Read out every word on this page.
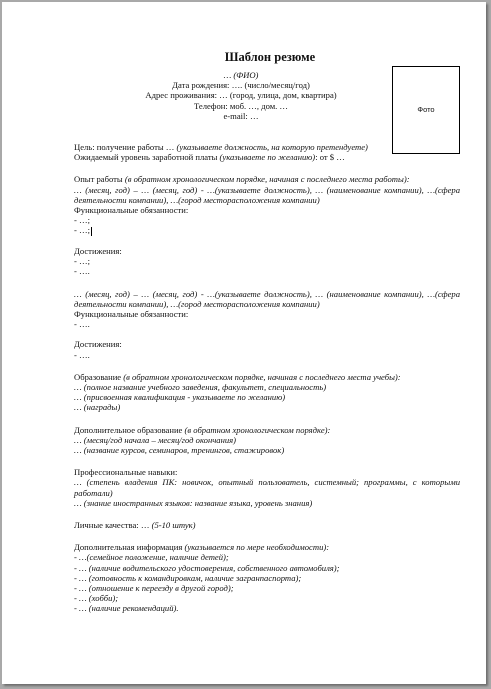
Шаблон резюме

… (ФИО)

Дата рождения: …. (число/месяц/год)

Адрес проживания: … (город, улица, дом, квартира)

Телефон: моб. …, дом. …

e-mail: …

Фото

Цель: получение работы … (указываете должность, на которую претендуете)

Ожидаемый уровень заработной платы (указываете по желанию): от $ …

Опыт работы (в обратном хронологическом порядке, начиная с последнего места работы):

… (месяц, год) – … (месяц, год) - …(указываете должность), … (наименование компании), …(сфера деятельности компании), …(город месторасположения компании)

Функциональные обязанности:

- …;

- …;

Достижения:

- …;

- ….

… (месяц, год) – … (месяц, год) - …(указываете должность), … (наименование компании), …(сфера деятельности компании), …(город месторасположения компании)

Функциональные обязанности:

- ….

Достижения:

- ….

Образование (в обратном хронологическом порядке, начиная с последнего места учебы):

… (полное название учебного заведения, факультет, специальность)

… (присвоенная квалификация - указываете по желанию)

… (награды)

Дополнительное образование (в обратном хронологическом порядке):

… (месяц/год начала – месяц/год окончания)

… (название курсов, семинаров, тренингов, стажировок)

Профессиональные навыки:

… (степень владения ПК: новичок, опытный пользователь, системный; программы, с которыми работали)

… (знание иностранных языков: название языка, уровень знания)

Личные качества: … (5-10 штук)

Дополнительная информация (указывается по мере необходимости):

- …(семейное положение, наличие детей);

- … (наличие водительского удостоверения, собственного автомобиля);

- … (готовность к командировкам, наличие загранпаспорта);

- … (отношение к переезду в другой город);

- … (хобби);

- … (наличие рекомендаций).
